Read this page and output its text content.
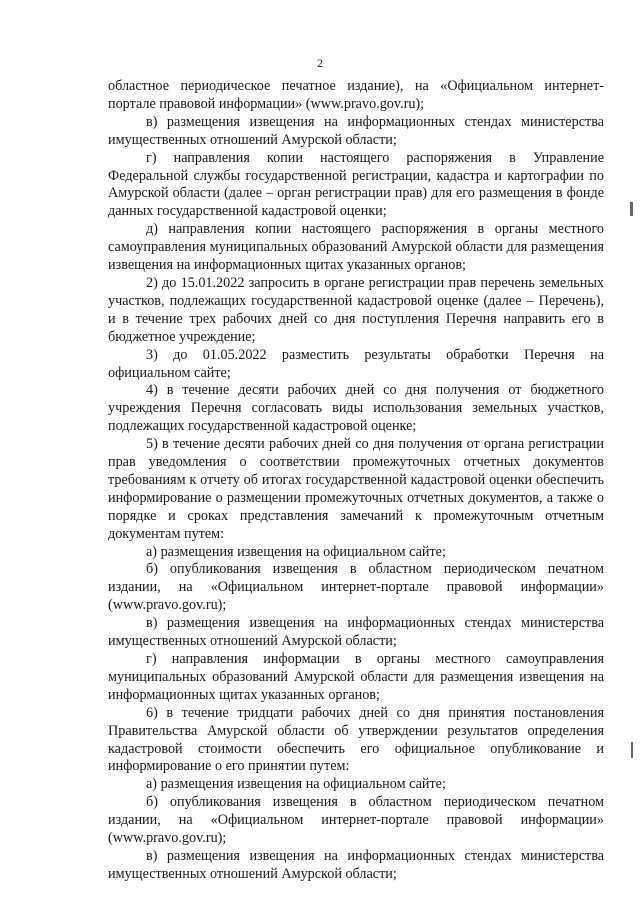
2

областное периодическое печатное издание), на «Официальном интернет-портале правовой информации» (www.pravo.gov.ru);

в) размещения извещения на информационных стендах министерства имущественных отношений Амурской области;

г) направления копии настоящего распоряжения в Управление Федеральной службы государственной регистрации, кадастра и картографии по Амурской области (далее – орган регистрации прав) для его размещения в фонде данных государственной кадастровой оценки;

д) направления копии настоящего распоряжения в органы местного самоуправления муниципальных образований Амурской области для размещения извещения на информационных щитах указанных органов;

2) до 15.01.2022 запросить в органе регистрации прав перечень земельных участков, подлежащих государственной кадастровой оценке (далее – Перечень), и в течение трех рабочих дней со дня поступления Перечня направить его в бюджетное учреждение;

3) до 01.05.2022 разместить результаты обработки Перечня на официальном сайте;

4) в течение десяти рабочих дней со дня получения от бюджетного учреждения Перечня согласовать виды использования земельных участков, подлежащих государственной кадастровой оценке;

5) в течение десяти рабочих дней со дня получения от органа регистрации прав уведомления о соответствии промежуточных отчетных документов требованиям к отчету об итогах государственной кадастровой оценки обеспечить информирование о размещении промежуточных отчетных документов, а также о порядке и сроках представления замечаний к промежуточным отчетным документам путем:

а) размещения извещения на официальном сайте;

б) опубликования извещения в областном периодическом печатном издании, на «Официальном интернет-портале правовой информации» (www.pravo.gov.ru);

в) размещения извещения на информационных стендах министерства имущественных отношений Амурской области;

г) направления информации в органы местного самоуправления муниципальных образований Амурской области для размещения извещения на информационных щитах указанных органов;

6) в течение тридцати рабочих дней со дня принятия постановления Правительства Амурской области об утверждении результатов определения кадастровой стоимости обеспечить его официальное опубликование и информирование о его принятии путем:

а) размещения извещения на официальном сайте;

б) опубликования извещения в областном периодическом печатном издании, на «Официальном интернет-портале правовой информации» (www.pravo.gov.ru);

в) размещения извещения на информационных стендах министерства имущественных отношений Амурской области;
